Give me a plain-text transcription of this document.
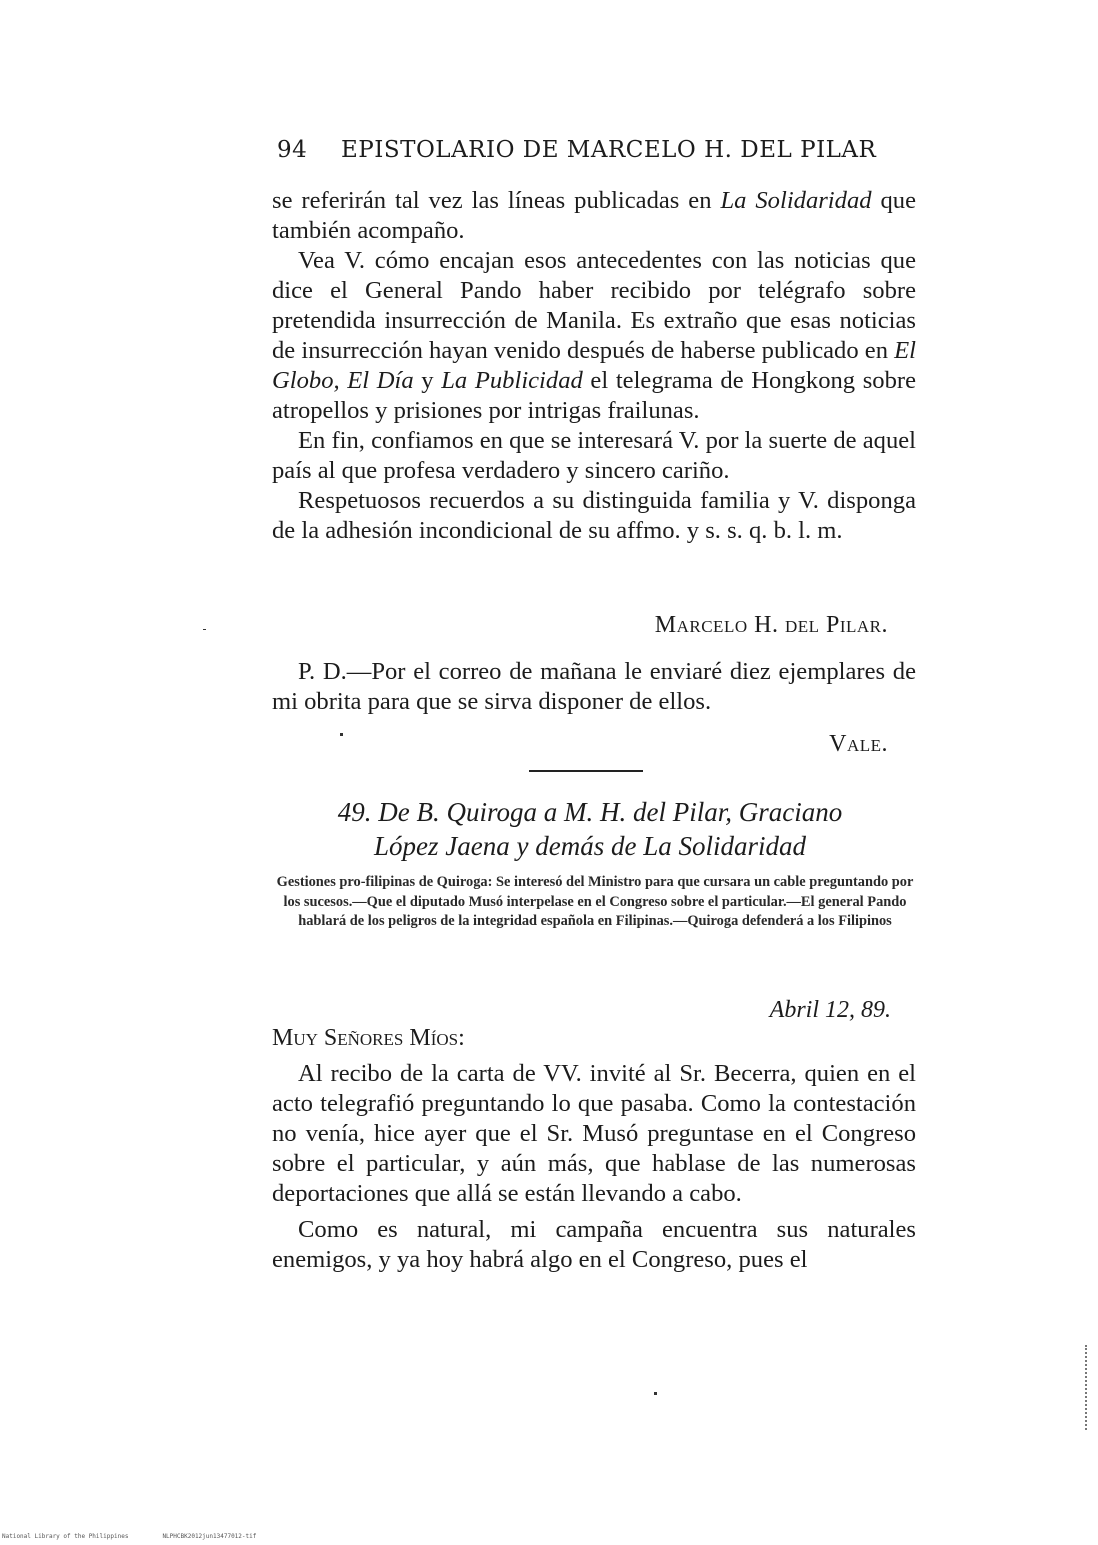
94 EPISTOLARIO DE MARCELO H. DEL PILAR

se referirán tal vez las líneas publicadas en La Solidaridad que también acompaño.

Vea V. cómo encajan esos antecedentes con las noticias que dice el General Pando haber recibido por telégrafo sobre pretendida insurrección de Manila. Es extraño que esas noticias de insurrección hayan venido después de haberse publicado en El Globo, El Día y La Publicidad el telegrama de Hongkong sobre atropellos y prisiones por intrigas frailunas.

En fin, confiamos en que se interesará V. por la suerte de aquel país al que profesa verdadero y sincero cariño.

Respetuosos recuerdos a su distinguida familia y V. disponga de la adhesión incondicional de su affmo. y s. s. q. b. l. m.

Marcelo H. del Pilar.

P. D.—Por el correo de mañana le enviaré diez ejemplares de mi obrita para que se sirva disponer de ellos.

Vale.
49. De B. Quiroga a M. H. del Pilar, Graciano
López Jaena y demás de La Solidaridad
Gestiones pro-filipinas de Quiroga: Se interesó del Ministro para que cursara un cable preguntando por los sucesos.—Que el diputado Musó interpelase en el Congreso sobre el particular.—El general Pando hablará de los peligros de la integridad española en Filipinas.—Quiroga defenderá a los Filipinos
Abril 12, 89.
Muy Señores Míos:

Al recibo de la carta de VV. invité al Sr. Becerra, quien en el acto telegrafió preguntando lo que pasaba. Como la contestación no venía, hice ayer que el Sr. Musó preguntase en el Congreso sobre el particular, y aún más, que hablase de las numerosas deportaciones que allá se están llevando a cabo.

Como es natural, mi campaña encuentra sus naturales enemigos, y ya hoy habrá algo en el Congreso, pues el

National Library of the Philippines	NLPHCBK2012jun13477012-tif
